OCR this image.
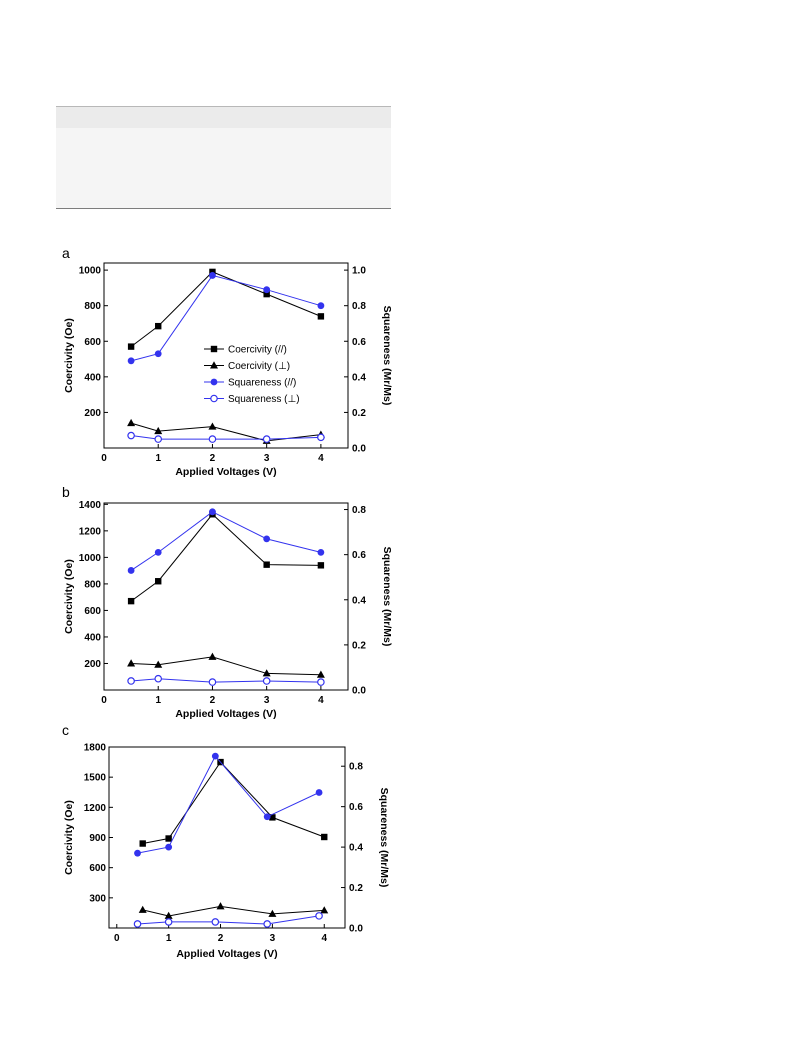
a
0	1	2	3	4
200
400
600
800
1000
0.0
0.2
0.4
0.6
0.8
1.0
Applied Voltages (V)
Coercivity (Oe)	Squareness (Mr/Ms)
Coercivity (//)
Coercivity (⊥)
Squareness (//)
Squareness (⊥)
b
0	1	2	3	4
200
400
600
800
1000
1200
1400
0.0
0.2
0.4
0.6
0.8
Applied Voltages (V)
Coercivity (Oe)	Squareness (Mr/Ms)
c
0	1	2	3	4
300
600
900
1200
1500
1800
0.0
0.2
0.4
0.6
0.8
Applied Voltages (V)
Coercivity (Oe)	Squareness (Mr/Ms)
